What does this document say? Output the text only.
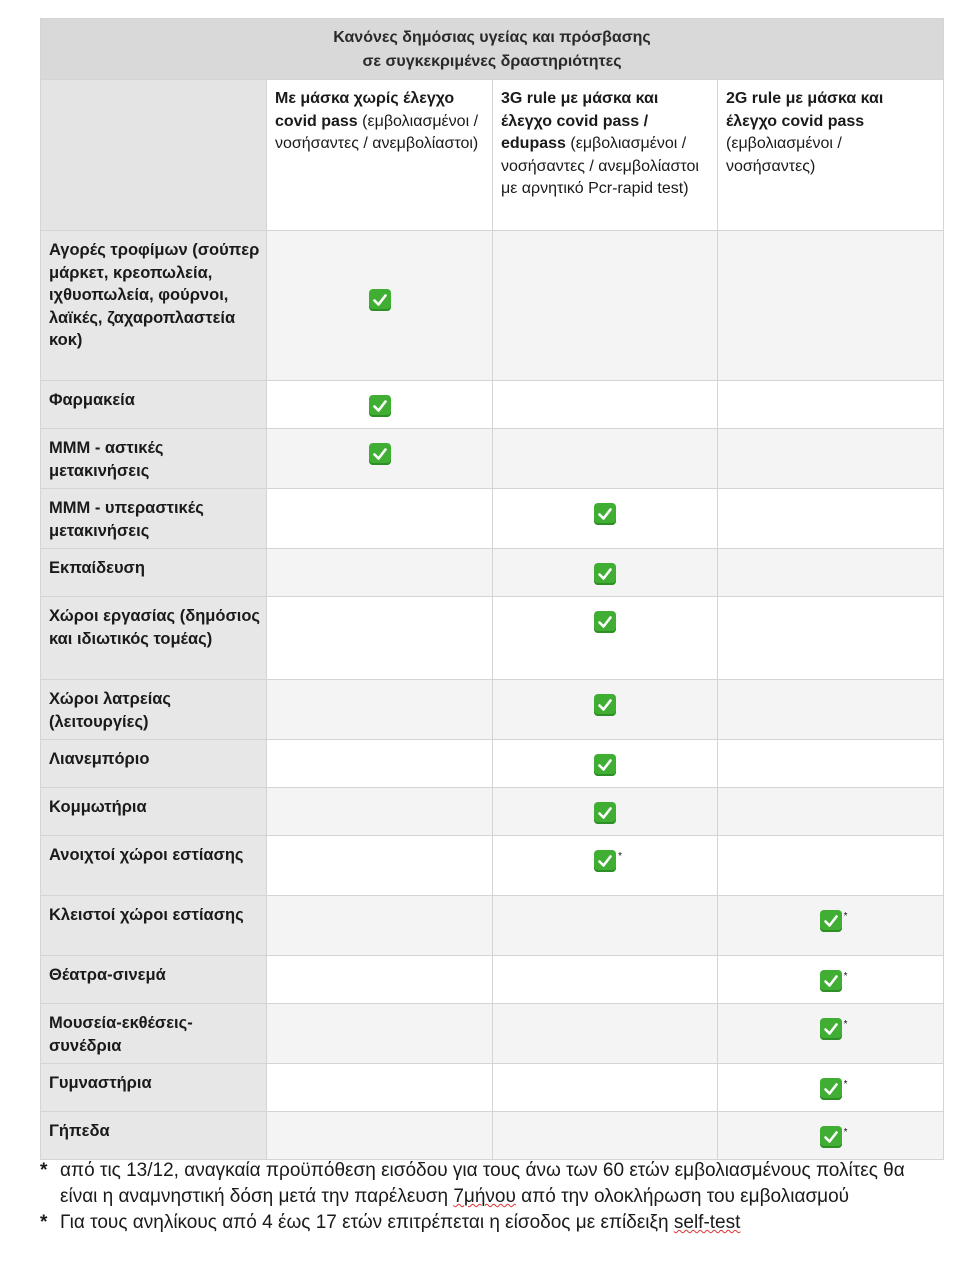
Κανόνες δημόσιας υγείας και πρόσβασης
σε συγκεκριμένες δραστηριότητες			

	Με μάσκα χωρίς έλεγχο covid pass (εμβολιασμένοι / νοσήσαντες / ανεμβολίαστοι)	3G rule με μάσκα και έλεγχο covid pass / edupass (εμβολιασμένοι / νοσήσαντες / ανεμβολίαστοι με αρνητικό Pcr-rapid test)	2G rule με μάσκα και έλεγχο covid pass (εμβολιασμένοι / νοσήσαντες)
Αγορές τροφίμων (σούπερ μάρκετ, κρεοπωλεία, ιχθυοπωλεία, φούρνοι, λαϊκές, ζαχαροπλαστεία κοκ)	

Φαρμακεία	

ΜΜΜ - αστικές μετακινήσεις	

ΜΜΜ - υπεραστικές μετακινήσεις		

Εκπαίδευση		

Χώροι εργασίας (δημόσιος και ιδιωτικός τομέας)		

Χώροι λατρείας (λειτουργίες)		

Λιανεμπόριο		

Κομμωτήρια		

Ανοιχτοί χώροι εστίασης		*	

Κλειστοί χώροι εστίασης			*

Θέατρα-σινεμά			*

Μουσεία-εκθέσεις-συνέδρια			*

Γυμναστήρια			*

Γήπεδα			*
* από τις 13/12, αναγκαία προϋπόθεση εισόδου για τους άνω των 60 ετών εμβολιασμένους πολίτες θα είναι η αναμνηστική δόση μετά την παρέλευση 7μήνου από την ολοκλήρωση του εμβολιασμού
* Για τους ανηλίκους από 4 έως 17 ετών επιτρέπεται η είσοδος με επίδειξη self-test
